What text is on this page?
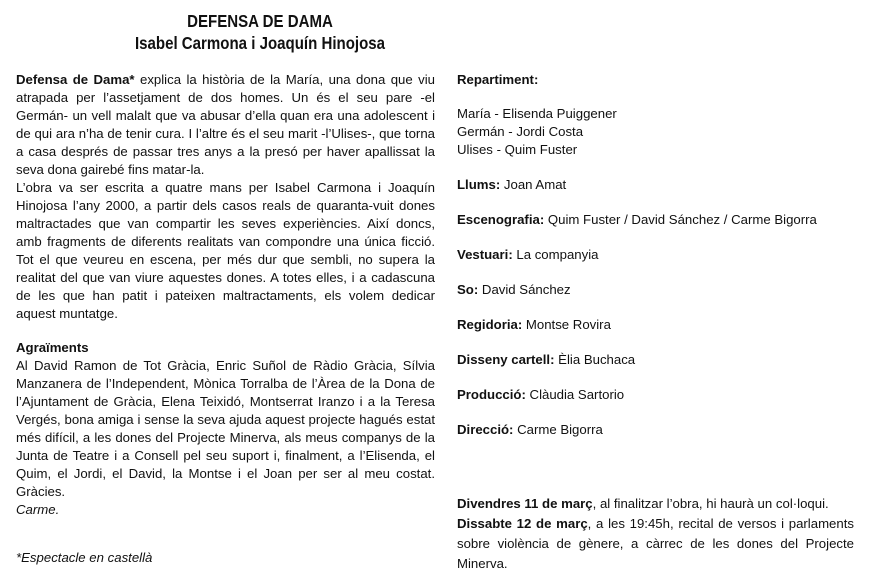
DEFENSA DE DAMA
Isabel Carmona i Joaquín Hinojosa

Defensa de Dama* explica la història de la María, una dona que viu atrapada per l’assetjament de dos homes. Un és el seu pare -el Germán- un vell malalt que va abusar d’ella quan era una adolescent i de qui ara n’ha de tenir cura. I l’altre és el seu marit -l’Ulises-, que torna a casa després de passar tres anys a la presó per haver apallissat la seva dona gairebé fins matar-la.

L’obra va ser escrita a quatre mans per Isabel Carmona i Joaquín Hinojosa l’any 2000, a partir dels casos reals de quaranta-vuit dones maltractades que van compartir les seves experiències. Així doncs, amb fragments de diferents realitats van compondre una única ficció. Tot el que veureu en escena, per més dur que sembli, no supera la realitat del que van viure aquestes dones. A totes elles, i a cadascuna de les que han patit i pateixen maltractaments, els volem dedicar aquest muntatge.

Agraïments

Al David Ramon de Tot Gràcia, Enric Suñol de Ràdio Gràcia, Sílvia Manzanera de l’Independent, Mònica Torralba de l’Àrea de la Dona de l’Ajuntament de Gràcia, Elena Teixidó, Montserrat Iranzo i a la Teresa Vergés, bona amiga i sense la seva ajuda aquest projecte hagués estat més difícil, a les dones del Projecte Minerva, als meus companys de la Junta de Teatre i a Consell pel seu suport i, finalment, a l’Elisenda, el Quim, el Jordi, el David, la Montse i el Joan per ser al meu costat. Gràcies.

Carme.

*Espectacle en castellà

Repartiment:

María - Elisenda Puiggener

Germán - Jordi Costa

Ulises - Quim Fuster

Llums: Joan Amat

Escenografia: Quim Fuster / David Sánchez / Carme Bigorra

Vestuari: La companyia

So: David Sánchez

Regidoria: Montse Rovira

Disseny cartell: Èlia Buchaca

Producció: Clàudia Sartorio

Direcció: Carme Bigorra

Divendres 11 de març, al finalitzar l’obra, hi haurà un col·loqui.

Dissabte 12 de març, a les 19:45h, recital de versos i parlaments sobre violència de gènere, a càrrec de les dones del Projecte Minerva.
